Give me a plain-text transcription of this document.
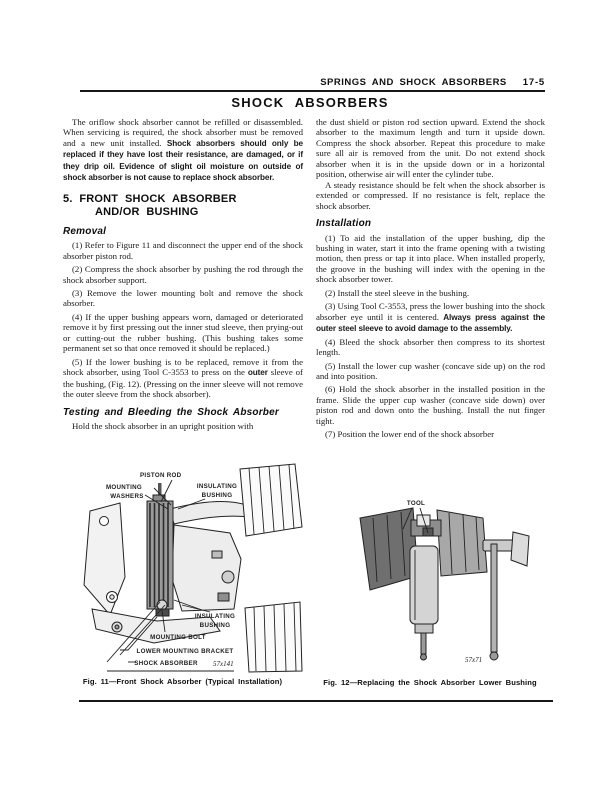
SPRINGS AND SHOCK ABSORBERS 17-5
SHOCK ABSORBERS

The oriflow shock absorber cannot be refilled or disassembled. When servicing is required, the shock absorber must be removed and a new unit installed. Shock absorbers should only be replaced if they have lost their resistance, are damaged, or if they drip oil. Evidence of slight oil moisture on outside of shock absorber is not cause to replace shock absorber.

5. FRONT SHOCK ABSORBER
AND/OR BUSHING
Removal

(1) Refer to Figure 11 and disconnect the upper end of the shock absorber piston rod.

(2) Compress the shock absorber by pushing the rod through the shock absorber support.

(3) Remove the lower mounting bolt and remove the shock absorber.

(4) If the upper bushing appears worn, damaged or deteriorated remove it by first pressing out the inner stud sleeve, then prying-out or cutting-out the rubber bushing. (This bushing takes some permanent set so that once removed it should be replaced.)

(5) If the lower bushing is to be replaced, remove it from the shock absorber, using Tool C-3553 to press on the outer sleeve of the bushing, (Fig. 12). (Pressing on the inner sleeve will not remove the outer sleeve from the shock absorber).

Testing and Bleeding the Shock Absorber

Hold the shock absorber in an upright position with

the dust shield or piston rod section upward. Extend the shock absorber to the maximum length and turn it upside down. Compress the shock absorber. Repeat this procedure to make sure all air is removed from the unit. Do not extend shock absorber when it is in the upside down or in a horizontal position, otherwise air will enter the cylinder tube.

A steady resistance should be felt when the shock absorber is extended or compressed. If no resistance is felt, replace the shock absorber.

Installation

(1) To aid the installation of the upper bushing, dip the bushing in water, start it into the frame opening with a twisting motion, then press or tap it into place. When installed properly, the groove in the bushing will index with the opening in the shock absorber tower.

(2) Install the steel sleeve in the bushing.

(3) Using Tool C-3553, press the lower bushing into the shock absorber eye until it is centered. Always press against the outer steel sleeve to avoid damage to the assembly.

(4) Bleed the shock absorber then compress to its shortest length.

(5) Install the lower cup washer (concave side up) on the rod and into position.

(6) Hold the shock absorber in the installed position in the frame. Slide the upper cup washer (concave side down) over piston rod and down onto the bushing. Install the nut finger tight.

(7) Position the lower end of the shock absorber

PISTON ROD
MOUNTING
WASHERS
INSULATING
BUSHING
INSULATING
BUSHING
MOUNTING BOLT
LOWER MOUNTING BRACKET
SHOCK ABSORBER 57x141
Fig. 11—Front Shock Absorber (Typical Installation)
TOOL
57x71
Fig. 12—Replacing the Shock Absorber Lower Bushing
